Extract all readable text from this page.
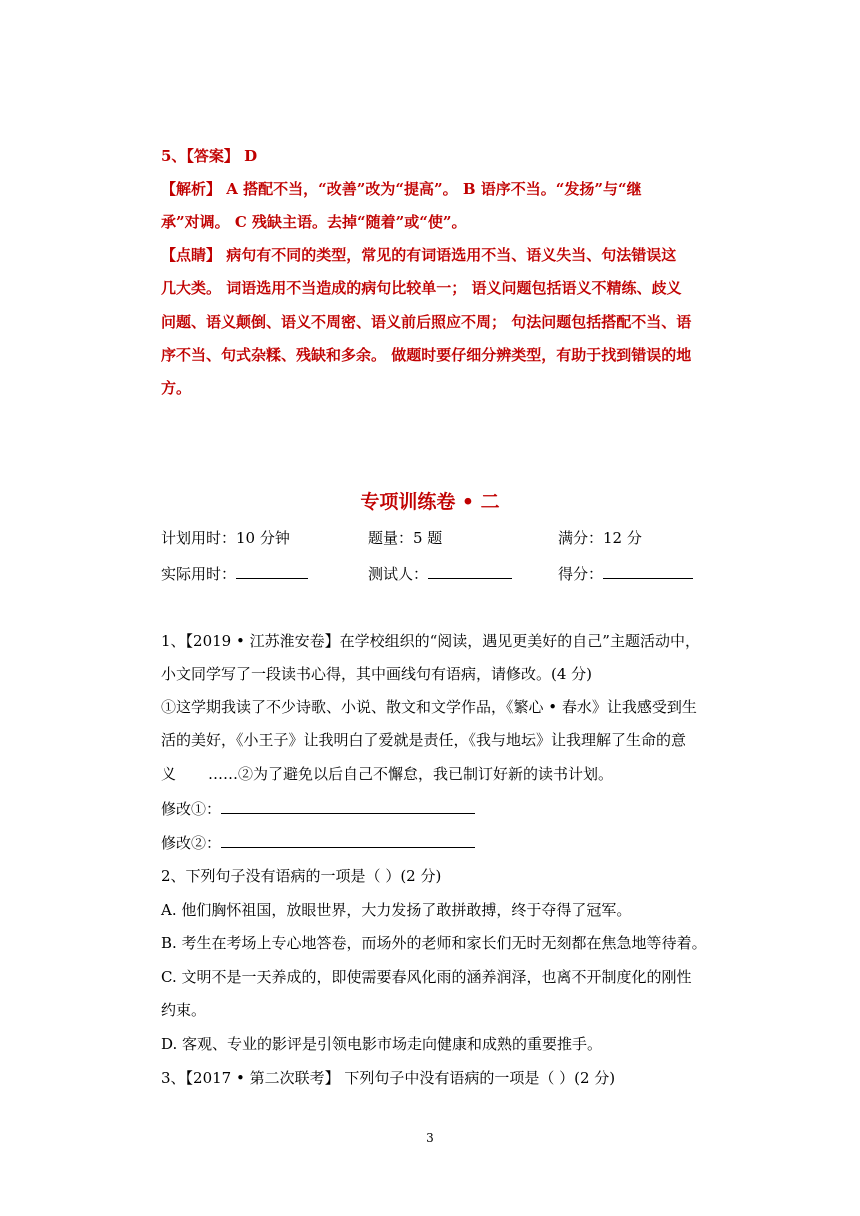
5、【答案】 D
【解析】 A 搭配不当，“改善”改为“提高”。 B 语序不当。“发扬”与“继
承”对调。 C 残缺主语。去掉“随着”或“使”。
【点睛】 病句有不同的类型，常见的有词语选用不当、语义失当、句法错误这
几大类。 词语选用不当造成的病句比较单一； 语义问题包括语义不精练、歧义
问题、语义颠倒、语义不周密、语义前后照应不周； 句法问题包括搭配不当、语
序不当、句式杂糅、残缺和多余。 做题时要仔细分辨类型，有助于找到错误的地
方。
专项训练卷 • 二
计划用时：10 分钟	题量：5 题	满分：12 分
实际用时：	测试人：	得分：
1、【2019 • 江苏淮安卷】在学校组织的“阅读，遇见更美好的自己”主题活动中，
小文同学写了一段读书心得，其中画线句有语病，请修改。(4 分)
①这学期我读了不少诗歌、小说、散文和文学作品，《繁心 • 春水》让我感受到生
活的美好，《小王子》让我明白了爱就是责任，《我与地坛》让我理解了生命的意
义 ……②为了避免以后自己不懈怠，我已制订好新的读书计划。
修改①：
修改②：
2、下列句子没有语病的一项是（ ）(2 分)
A. 他们胸怀祖国，放眼世界，大力发扬了敢拼敢搏，终于夺得了冠军。
B. 考生在考场上专心地答卷，而场外的老师和家长们无时无刻都在焦急地等待着。
C. 文明不是一天养成的，即使需要春风化雨的涵养润泽，也离不开制度化的刚性
约束。
D. 客观、专业的影评是引领电影市场走向健康和成熟的重要推手。
3、【2017 • 第二次联考】 下列句子中没有语病的一项是（ ）(2 分)
3
